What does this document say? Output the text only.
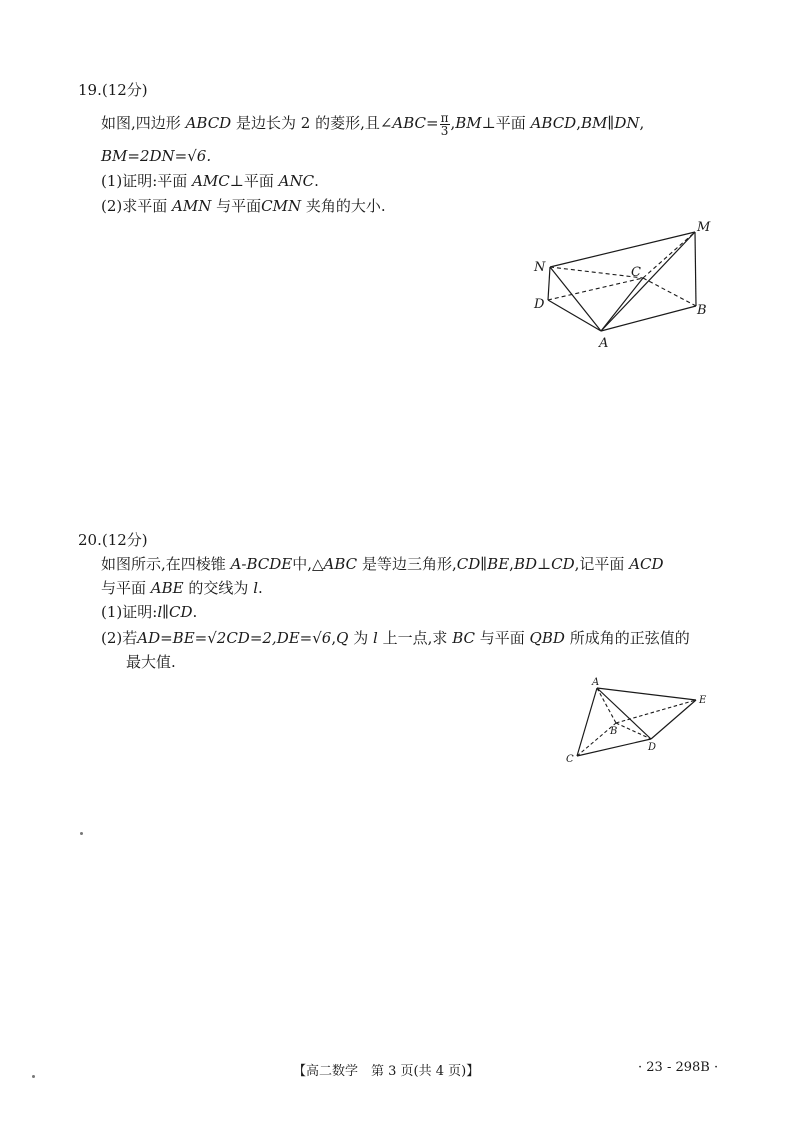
19.(12分)
如图,四边形 ABCD 是边长为 2 的菱形,且∠ABC= $\frac{\pi}{3}$ ,BM⊥平面 ABCD,BM∥DN,
BM=2DN=√6.
(1)证明:平面 AMC⊥平面 ANC.
(2)求平面 AMN 与平面CMN 夹角的大小.
M
N	C
D	B
A
20.(12分)
如图所示,在四棱锥 A-BCDE中,△ABC 是等边三角形,CD∥BE,BD⊥CD,记平面 ACD
与平面 ABE 的交线为 l.
(1)证明:l∥CD.
(2)若AD=BE=√2CD=2,DE=√6,Q 为 l 上一点,求 BC 与平面 QBD 所成角的正弦值的
最大值.
A
E
B
D
C
【高二数学　第 3 页(共 4 页)】	· 23 - 298B ·
